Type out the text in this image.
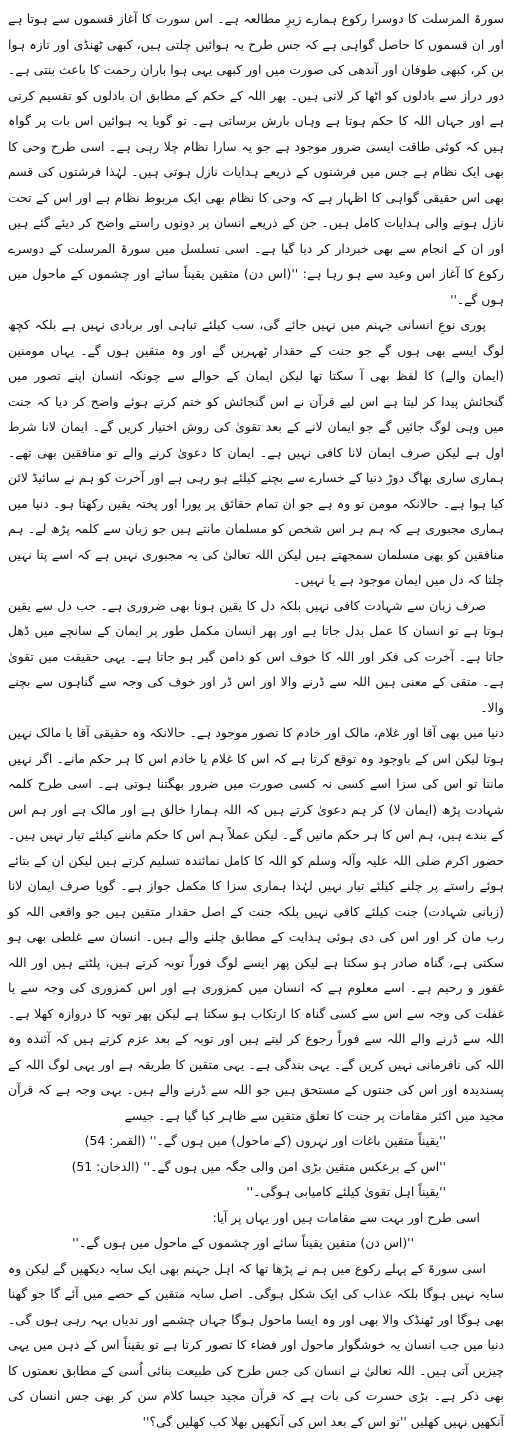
سورۃ المرسلت کا دوسرا رکوع ہمارے زیرِ مطالعہ ہے۔ اس سورت کا آغاز قسموں سے ہوتا ہے اور ان قسموں کا حاصل گواہی ہے کہ جس طرح یہ ہوائیں چلتی ہیں، کبھی ٹھنڈی اور تازہ ہوا بن کر، کبھی طوفان اور آندھی کی صورت میں اور کبھی یہی ہوا باران رحمت کا باعث بنتی ہے۔ دور دراز سے بادلوں کو اٹھا کر لاتی ہیں۔ پھر اللہ کے حکم کے مطابق ان بادلوں کو تقسیم کرتی ہے اور جہاں اللہ کا حکم ہوتا ہے وہاں بارش برساتی ہے۔ تو گویا یہ ہوائیں اس بات پر گواہ ہیں کہ کوئی طاقت ایسی ضرور موجود ہے جو یہ سارا نظام چلا رہی ہے۔ اسی طرح وحی کا بھی ایک نظام ہے جس میں فرشتوں کے ذریعے ہدایات نازل ہوتی ہیں۔ لہٰذا فرشتوں کی قسم بھی اس حقیقی گواہی کا اظہار ہے کہ وحی کا نظام بھی ایک مربوط نظام ہے اور اس کے تحت نازل ہونے والی ہدایات کامل ہیں۔ جن کے ذریعے انسان پر دونوں راستے واضح کر دیئے گئے ہیں اور ان کے انجام سے بھی خبردار کر دیا گیا ہے۔ اسی تسلسل میں سورۃ المرسلت کے دوسرے رکوع کا آغاز اس وعید سے ہو رہا ہے: ''(اس دن) متقین یقیناً سائے اور چشموں کے ماحول میں ہوں گے۔''

پوری نوعِ انسانی جہنم میں نہیں جائے گی، سب کیلئے تباہی اور بربادی نہیں ہے بلکہ کچھ لوگ ایسے بھی ہوں گے جو جنت کے حقدار ٹھہریں گے اور وہ متقین ہوں گے۔ یہاں مومنین (ایمان والے) کا لفظ بھی آ سکتا تھا لیکن ایمان کے حوالے سے چونکہ انسان اپنے تصور میں گنجائش پیدا کر لیتا ہے اس لیے قرآن نے اس گنجائش کو ختم کرتے ہوئے واضح کر دیا کہ جنت میں وہی لوگ جائیں گے جو ایمان لانے کے بعد تقویٰ کی روش اختیار کریں گے۔ ایمان لانا شرط اول ہے لیکن صرف ایمان لانا کافی نہیں ہے۔ ایمان کا دعویٰ کرنے والے تو منافقین بھی تھے۔ ہماری ساری بھاگ دوڑ دنیا کے خسارے سے بچنے کیلئے ہو رہی ہے اور آخرت کو ہم نے سائیڈ لائن کیا ہوا ہے۔ حالانکہ مومن تو وہ ہے جو ان تمام حقائق پر پورا اور پختہ یقین رکھتا ہو۔ دنیا میں ہماری مجبوری ہے کہ ہم ہر اس شخص کو مسلمان مانتے ہیں جو زبان سے کلمہ پڑھ لے۔ ہم منافقین کو بھی مسلمان سمجھتے ہیں لیکن اللہ تعالیٰ کی یہ مجبوری نہیں ہے کہ اسے پتا نہیں چلتا کہ دل میں ایمان موجود ہے یا نہیں۔

صرف زبان سے شہادت کافی نہیں بلکہ دل کا یقین ہونا بھی ضروری ہے۔ جب دل سے یقین ہوتا ہے تو انسان کا عمل بدل جاتا ہے اور پھر انسان مکمل طور پر ایمان کے سانچے میں ڈھل جاتا ہے۔ آخرت کی فکر اور اللہ کا خوف اس کو دامن گیر ہو جاتا ہے۔ یہی حقیقت میں تقویٰ ہے۔ متقی کے معنی ہیں اللہ سے ڈرنے والا اور اس ڈر اور خوف کی وجہ سے گناہوں سے بچنے والا۔

دنیا میں بھی آقا اور غلام، مالک اور خادم کا تصور موجود ہے۔ حالانکہ وہ حقیقی آقا یا مالک نہیں ہوتا لیکن اس کے باوجود وہ توقع کرتا ہے کہ اس کا غلام یا خادم اس کا ہر حکم مانے۔ اگر نہیں مانتا تو اس کی سزا اسے کسی نہ کسی صورت میں ضرور بھگتنا ہوتی ہے۔ اسی طرح کلمہ شہادت پڑھ (ایمان لا) کر ہم دعویٰ کرتے ہیں کہ اللہ ہمارا خالق ہے اور مالک ہے اور ہم اس کے بندے ہیں، ہم اس کا ہر حکم مانیں گے۔ لیکن عملاً ہم اس کا حکم ماننے کیلئے تیار نہیں ہیں۔ حضور اکرم صلی اللہ علیہ وآلہ وسلم کو اللہ کا کامل نمائندہ تسلیم کرتے ہیں لیکن ان کے بتائے ہوئے راستے پر چلنے کیلئے تیار نہیں لہٰذا ہماری سزا کا مکمل جواز ہے۔ گویا صرف ایمان لانا (زبانی شہادت) جنت کیلئے کافی نہیں بلکہ جنت کے اصل حقدار متقین ہیں جو واقعی اللہ کو رب مان کر اور اس کی دی ہوئی ہدایت کے مطابق چلنے والے ہیں۔ انسان سے غلطی بھی ہو سکتی ہے، گناہ صادر ہو سکتا ہے لیکن پھر ایسے لوگ فوراً توبہ کرتے ہیں، پلٹتے ہیں اور اللہ غفور و رحیم ہے۔ اسے معلوم ہے کہ انسان میں کمزوری ہے اور اس کمزوری کی وجہ سے یا غفلت کی وجہ سے اس سے کسی گناہ کا ارتکاب ہو سکتا ہے لیکن پھر توبہ کا دروازہ کھلا ہے۔ اللہ سے ڈرنے والے اللہ سے فوراً رجوع کر لیتے ہیں اور توبہ کے بعد عزم کرتے ہیں کہ آئندہ وہ اللہ کی نافرمانی نہیں کریں گے۔ یہی بندگی ہے۔ یہی متقین کا طریقہ ہے اور یہی لوگ اللہ کے پسندیدہ اور اس کی جنتوں کے مستحق ہیں جو اللہ سے ڈرنے والے ہیں۔ یہی وجہ ہے کہ قرآن مجید میں اکثر مقامات پر جنت کا تعلق متقین سے ظاہر کیا گیا ہے۔ جیسے

''یقیناً متقین باغات اور نہروں (کے ماحول) میں ہوں گے۔'' (القمر: 54)

''اس کے برعکس متقین بڑی امن والی جگہ میں ہوں گے۔'' (الدخان: 51)

''یقیناً اہل تقویٰ کیلئے کامیابی ہوگی۔''

اسی طرح اور بہت سے مقامات ہیں اور یہاں پر آیا:

''(اس دن) متقین یقیناً سائے اور چشموں کے ماحول میں ہوں گے۔''

اسی سورۃ کے پہلے رکوع میں ہم نے پڑھا تھا کہ اہل جہنم بھی ایک سایہ دیکھیں گے لیکن وہ سایہ نہیں ہوگا بلکہ عذاب کی ایک شکل ہوگی۔ اصل سایہ متقین کے حصے میں آئے گا جو گھنا بھی ہوگا اور ٹھنڈک والا بھی اور وہ ایسا ماحول ہوگا جہاں چشمے اور ندیاں بہہ رہی ہوں گی۔ دنیا میں جب انسان یہ خوشگوار ماحول اور فضاء کا تصور کرتا ہے تو یقیناً اس کے ذہن میں یہی چیزیں آتی ہیں۔ اللہ تعالیٰ نے انسان کی جس طرح کی طبیعت بنائی اُسی کے مطابق نعمتوں کا بھی ذکر ہے۔ بڑی حسرت کی بات ہے کہ قرآن مجید جیسا کلام سن کر بھی جس انسان کی آنکھیں نہیں کھلیں ''تو اس کے بعد اس کی آنکھیں بھلا کب کھلیں گی؟''
